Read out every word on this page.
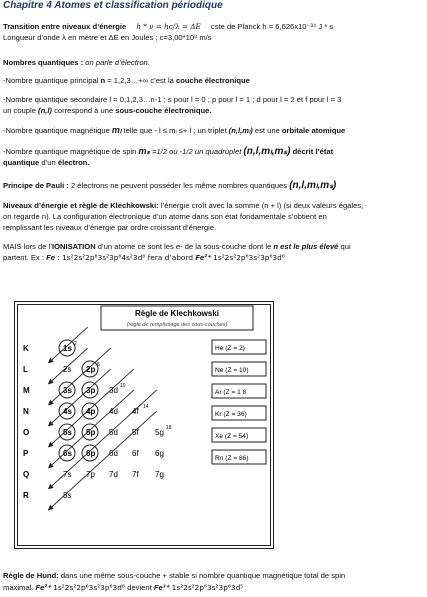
Chapitre 4 Atomes et classification périodique
Transition entre niveaux d’énergie h * ν = hc/λ = ΔE cste de Planck h = 6,626x10⁻³⁴ J * s
Longueur d’onde λ en mètre et ΔE en Joules ; c=3,00*10⁸ m/s
Nombres quantiques : on parle d’électron.
-Nombre quantique principal n = 1,2,3…+∞ c’est la couche électronique
-Nombre quantique secondaire l = 0,1,2,3…n-1 ; s pour l = 0 ; p pour l = 1 ; d pour l = 2 et f pour l = 3
un couple (n,l) correspond à une sous-couche électronique.
-Nombre quantique magnétique mₗ telle que - l ≤ mₗ ≤+ l ; un triplet (n,l,mₗ) est une orbitale atomique
-Nombre quantique magnétique de spin mₛ =1/2 ou -1/2 un quadruplet (n,l,mₗ,mₛ) décrit l’état
quantique d’un électron.
Principe de Pauli : 2 électrons ne peuvent posséder les même nombres quantiques (n,l,mₗ,mₛ)
Niveaux d’énergie et règle de Klechkowski: l’énergie croît avec la somme (n + l) (si deux valeurs égales,
on regarde n). La configuration électronique d’un atome dans son état fondamentale s’obtient en
remplissant les niveaux d’énergie par ordre croissant d’énergie.
MAIS lors de l’IONISATION d’un atome ce sont les e- de la sous-couche dont le n est le plus élevé qui
partent. Ex : Fe : 1s²2s²2p⁶3s²3p⁶4s²3d⁶ fera d’abord Fe²⁺ 1s²2s²2p⁶3s²3p⁶3d⁶
Règle de Klechkowski
(règle de remplissage des sous-couches)
K
L
M
N
O
P
Q
R
1s 2
2s 2p 6
3s 3p 3d 10
4s 4p 4d 4f 14
5s 5p 5d 5f 5g 18
6s 6p 6d 6f 6g
7s 7p 7d 7f 7g
8s
He (Z = 2)
Ne (Z = 10)
Ar (Z = 1 8
Kr (Z = 36)
Xe (Z = 54)
Rn (Z = 86)
Règle de Hund: dans une même sous-couche + stable si nombre quantique magnétique total de spin
maximal. Fe²⁺ 1s²2s²2p⁶3s²3p⁶3d⁶ devient Fe³⁺ 1s²2s²2p⁶3s²3p⁶3d⁵
